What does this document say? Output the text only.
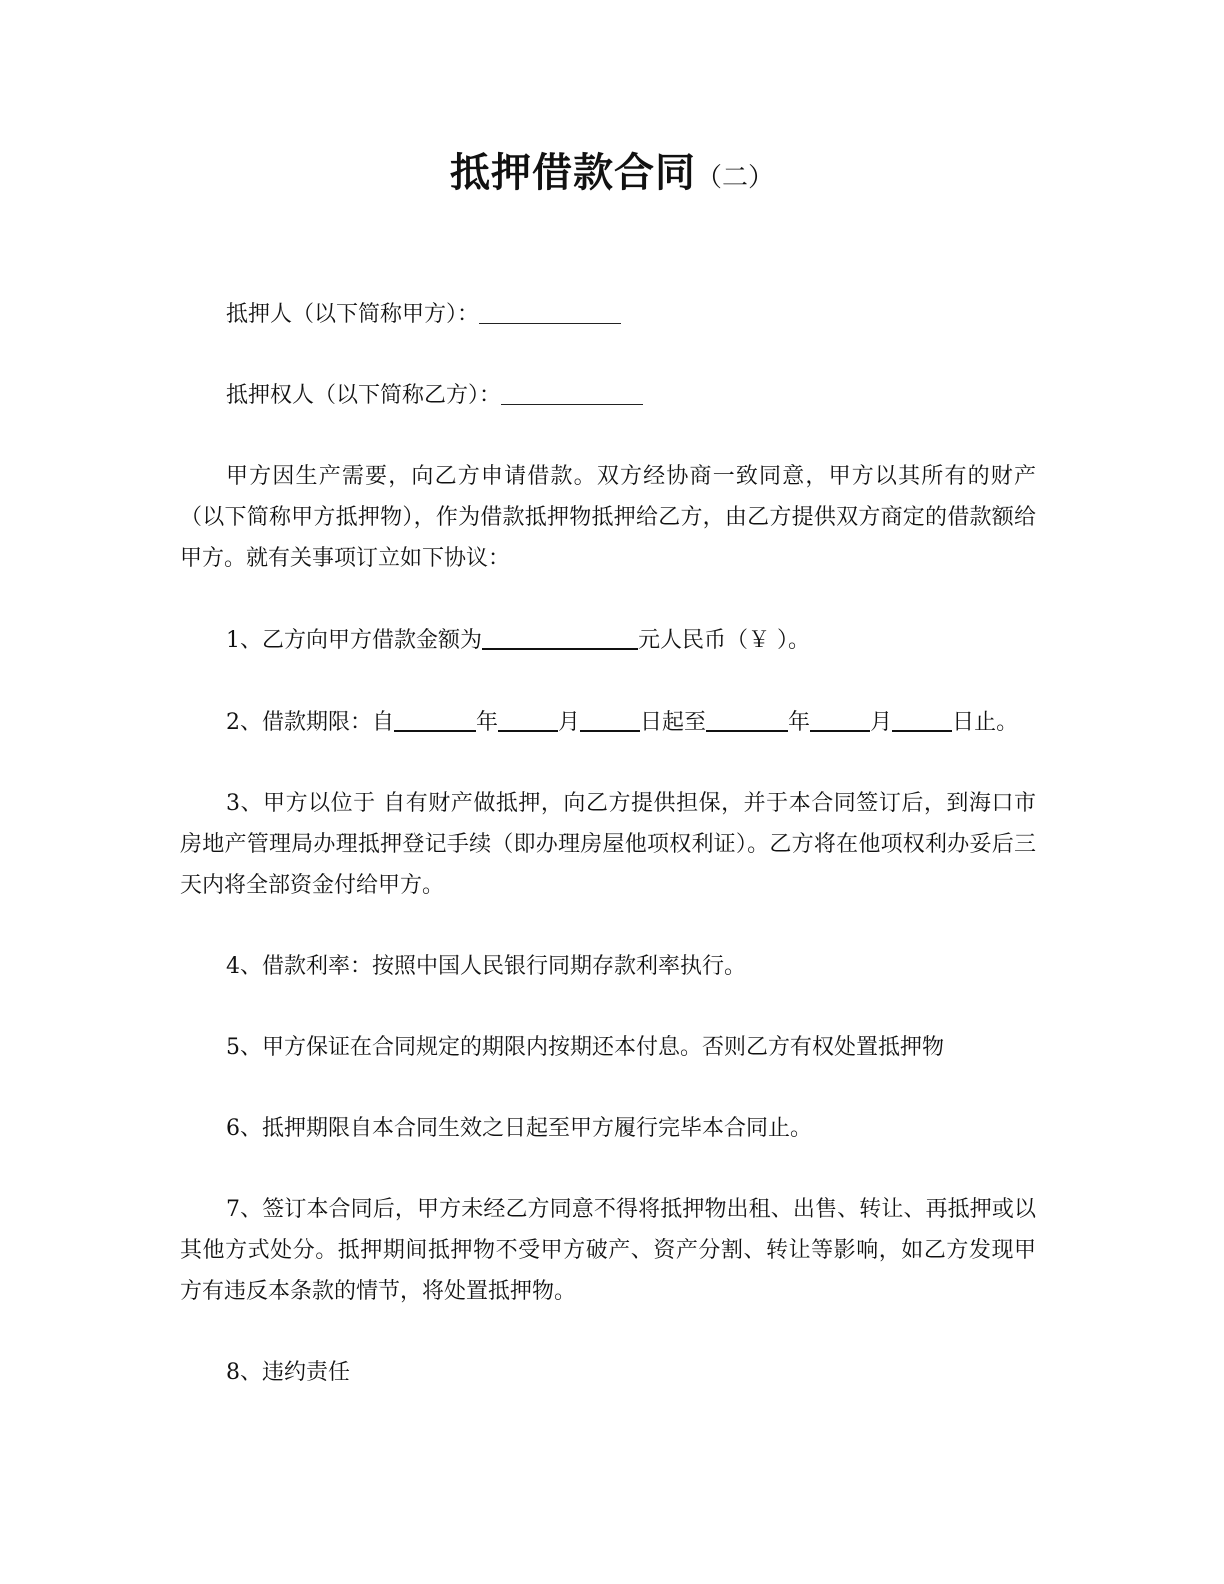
抵押借款合同（二）

抵押人（以下简称甲方）：

抵押权人（以下简称乙方）：

甲方因生产需要，向乙方申请借款。双方经协商一致同意，甲方以其所有的财产 （以下简称甲方抵押物），作为借款抵押物抵押给乙方，由乙方提供双方商定的借款额给甲方。就有关事项订立如下协议：

1、乙方向甲方借款金额为	元人民币（￥ ）。

2、借款期限：自	年	月	日起至	年	月	日止。

3、甲方以位于 自有财产做抵押，向乙方提供担保，并于本合同签订后，到海口市房地产管理局办理抵押登记手续（即办理房屋他项权利证）。乙方将在他项权利办妥后三天内将全部资金付给甲方。

4、借款利率：按照中国人民银行同期存款利率执行。

5、甲方保证在合同规定的期限内按期还本付息。否则乙方有权处置抵押物

6、抵押期限自本合同生效之日起至甲方履行完毕本合同止。

7、签订本合同后，甲方未经乙方同意不得将抵押物出租、出售、转让、再抵押或以其他方式处分。抵押期间抵押物不受甲方破产、资产分割、转让等影响，如乙方发现甲方有违反本条款的情节，将处置抵押物。

8、违约责任
